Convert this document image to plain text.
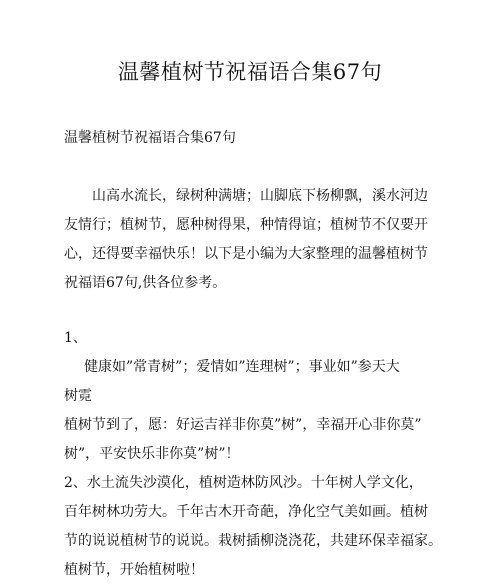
温馨植树节祝福语合集67句
温馨植树节祝福语合集67句
山高水流长，绿树种满塘；山脚底下杨柳飘，溪水河边
友情行；植树节，愿种树得果，种情得谊；植树节不仅要开
心，还得要幸福快乐！以下是小编为大家整理的温馨植树节
祝福语67句,供各位参考。
1、
健康如”常青树”；爱情如”连理树”；事业如”参天大
树霓
植树节到了，愿：好运吉祥非你莫”树”，幸福开心非你莫”
树”，平安快乐非你莫”树”！
2、水土流失沙漠化，植树造林防风沙。十年树人学文化，
百年树林功劳大。千年古木开奇葩，净化空气美如画。植树
节的说说植树节的说说。栽树插柳浇浇花，共建环保幸福家。
植树节，开始植树啦！
